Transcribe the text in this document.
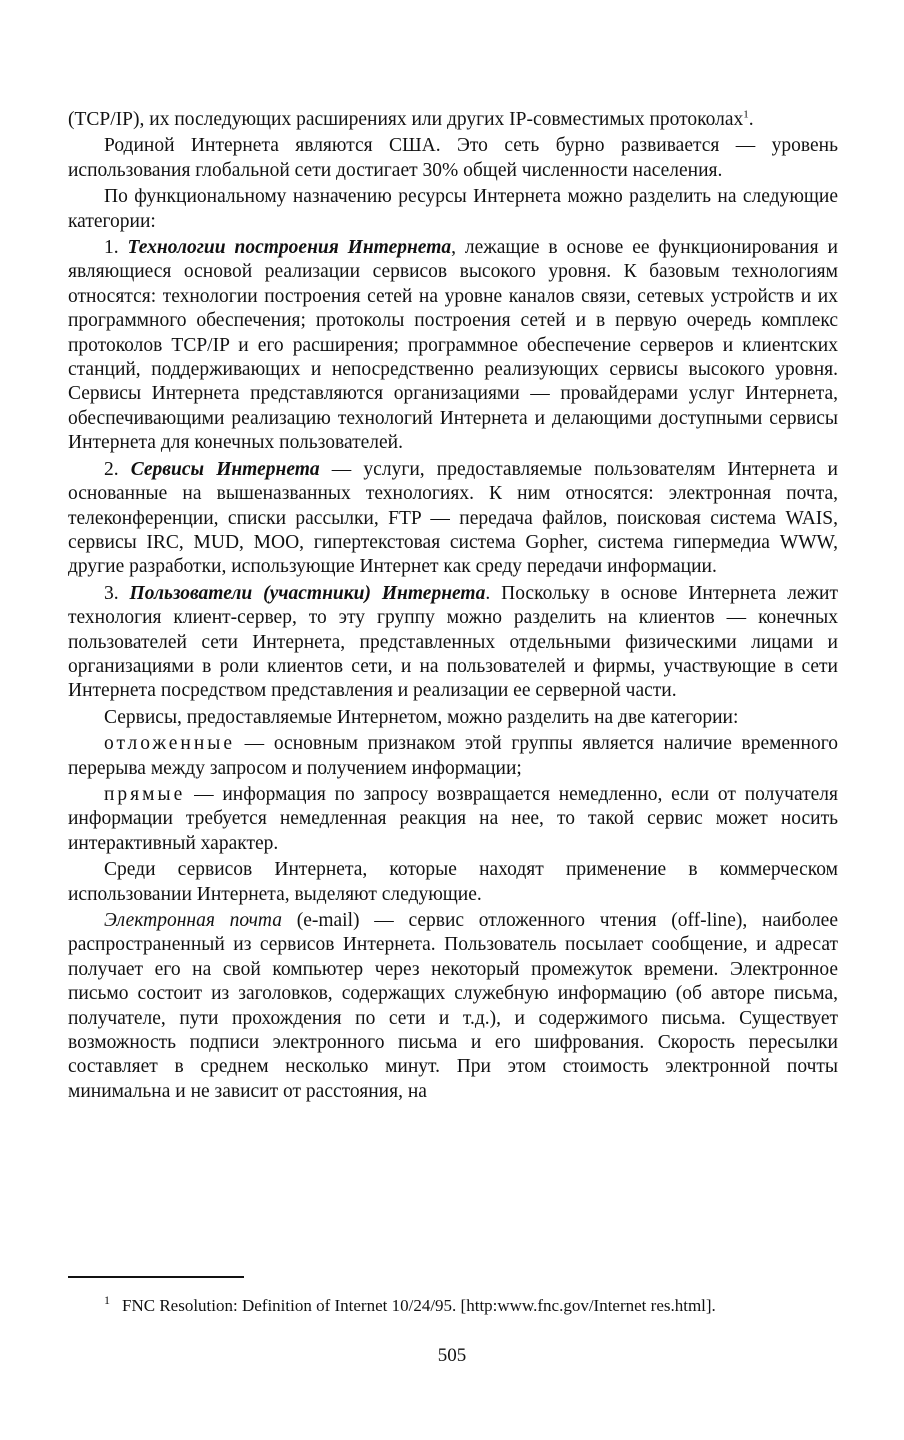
(TCP/IP), их последующих расширениях или других IP-совместимых протоколах$^1$.

Родиной Интернета являются США. Это сеть бурно развивается — уровень использования глобальной сети достигает 30% общей численности населения.

По функциональному назначению ресурсы Интернета можно разделить на следующие категории:

1. Технологии построения Интернета, лежащие в основе ее функционирования и являющиеся основой реализации сервисов высокого уровня. К базовым технологиям относятся: технологии построения сетей на уровне каналов связи, сетевых устройств и их программного обеспечения; протоколы построения сетей и в первую очередь комплекс протоколов TCP/IP и его расширения; программное обеспечение серверов и клиентских станций, поддерживающих и непосредственно реализующих сервисы высокого уровня. Сервисы Интернета представляются организациями — провайдерами услуг Интернета, обеспечивающими реализацию технологий Интернета и делающими доступными сервисы Интернета для конечных пользователей.

2. Сервисы Интернета — услуги, предоставляемые пользователям Интернета и основанные на вышеназванных технологиях. К ним относятся: электронная почта, телеконференции, списки рассылки, FTP — передача файлов, поисковая система WAIS, сервисы IRC, MUD, MOO, гипертекстовая система Gopher, система гипермедиа WWW, другие разработки, использующие Интернет как среду передачи информации.

3. Пользователи (участники) Интернета. Поскольку в основе Интернета лежит технология клиент-сервер, то эту группу можно разделить на клиентов — конечных пользователей сети Интернета, представленных отдельными физическими лицами и организациями в роли клиентов сети, и на пользователей и фирмы, участвующие в сети Интернета посредством представления и реализации ее серверной части.

Сервисы, предоставляемые Интернетом, можно разделить на две категории:

отложенные — основным признаком этой группы является наличие временного перерыва между запросом и получением информации;

прямые — информация по запросу возвращается немедленно, если от получателя информации требуется немедленная реакция на нее, то такой сервис может носить интерактивный характер.

Среди сервисов Интернета, которые находят применение в коммерческом использовании Интернета, выделяют следующие.

Электронная почта (e-mail) — сервис отложенного чтения (off-line), наиболее распространенный из сервисов Интернета. Пользователь посылает сообщение, и адресат получает его на свой компьютер через некоторый промежуток времени. Электронное письмо состоит из заголовков, содержащих служебную информацию (об авторе письма, получателе, пути прохождения по сети и т.д.), и содержимого письма. Существует возможность подписи электронного письма и его шифрования. Скорость пересылки составляет в среднем несколько минут. При этом стоимость электронной почты минимальна и не зависит от расстояния, на

$^1$ FNC Resolution: Definition of Internet 10/24/95. [http:www.fnc.gov/Internet res.html].
505
